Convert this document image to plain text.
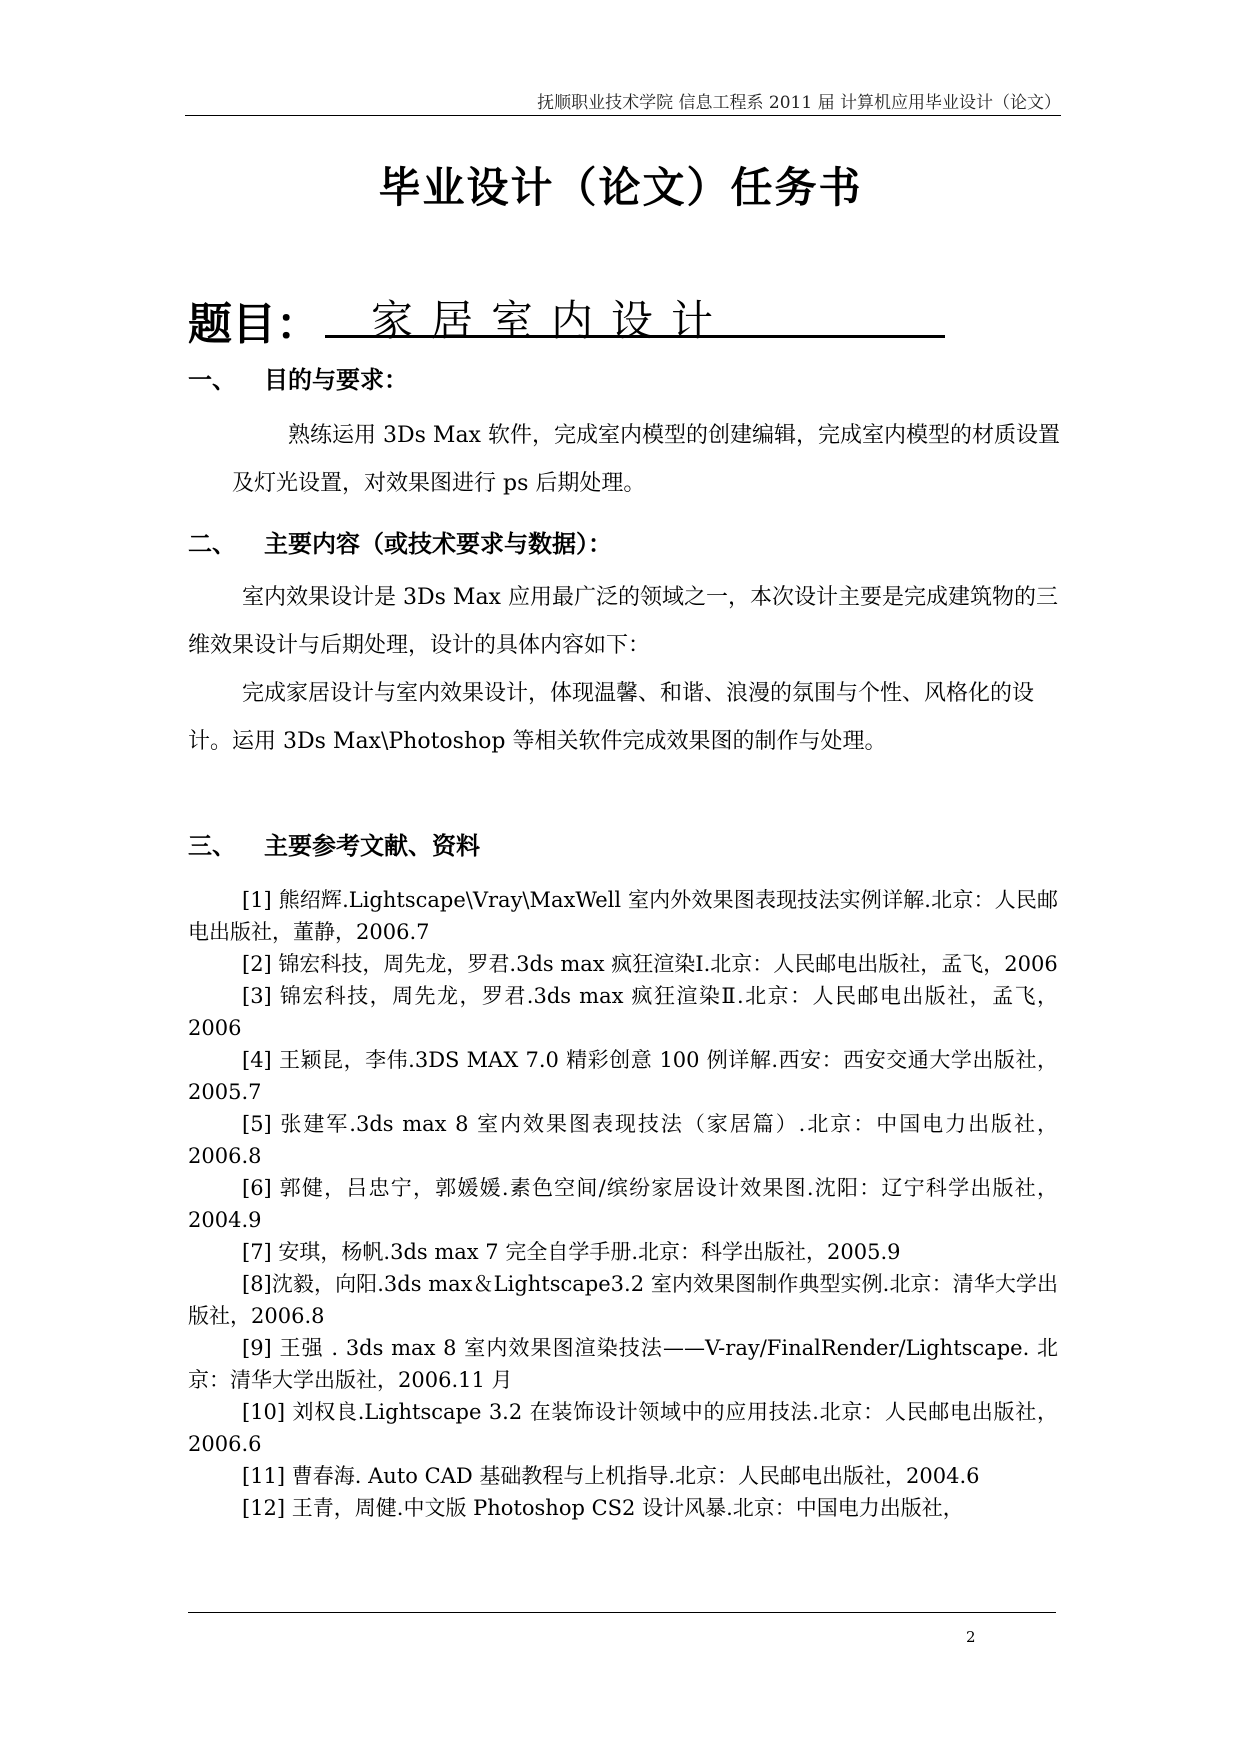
抚顺职业技术学院 信息工程系 2011 届 计算机应用毕业设计（论文）
毕业设计（论文）任务书
题目：	家居室内设计
一、 目的与要求：
熟练运用 3Ds Max 软件，完成室内模型的创建编辑，完成室内模型的材质设置及灯光设置，对效果图进行 ps 后期处理。
二、 主要内容（或技术要求与数据）：
室内效果设计是 3Ds Max 应用最广泛的领域之一，本次设计主要是完成建筑物的三维效果设计与后期处理，设计的具体内容如下：
完成家居设计与室内效果设计，体现温馨、和谐、浪漫的氛围与个性、风格化的设计。运用 3Ds Max\Photoshop 等相关软件完成效果图的制作与处理。
三、 主要参考文献、资料

[1] 熊绍辉.Lightscape\Vray\MaxWell 室内外效果图表现技法实例详解.北京：人民邮电出版社，董静，2006.7

[2] 锦宏科技，周先龙，罗君.3ds max 疯狂渲染Ⅰ.北京：人民邮电出版社，孟飞，2006

[3] 锦宏科技，周先龙，罗君.3ds max 疯狂渲染Ⅱ.北京：人民邮电出版社，孟飞，2006

[4] 王颖昆，李伟.3DS MAX 7.0 精彩创意 100 例详解.西安：西安交通大学出版社，2005.7

[5] 张建军.3ds max 8 室内效果图表现技法（家居篇）.北京：中国电力出版社，2006.8

[6] 郭健，吕忠宁，郭媛媛.素色空间/缤纷家居设计效果图.沈阳：辽宁科学出版社，2004.9

[7] 安琪，杨帆.3ds max 7 完全自学手册.北京：科学出版社，2005.9

[8]沈毅，向阳.3ds max＆Lightscape3.2 室内效果图制作典型实例.北京：清华大学出版社，2006.8

[9] 王强 . 3ds max 8 室内效果图渲染技法——V-ray/FinalRender/Lightscape. 北京：清华大学出版社，2006.11 月

[10] 刘权良.Lightscape 3.2 在装饰设计领域中的应用技法.北京：人民邮电出版社，2006.6

[11] 曹春海. Auto CAD 基础教程与上机指导.北京：人民邮电出版社，2004.6

[12] 王青，周健.中文版 Photoshop CS2 设计风暴.北京：中国电力出版社，

2
